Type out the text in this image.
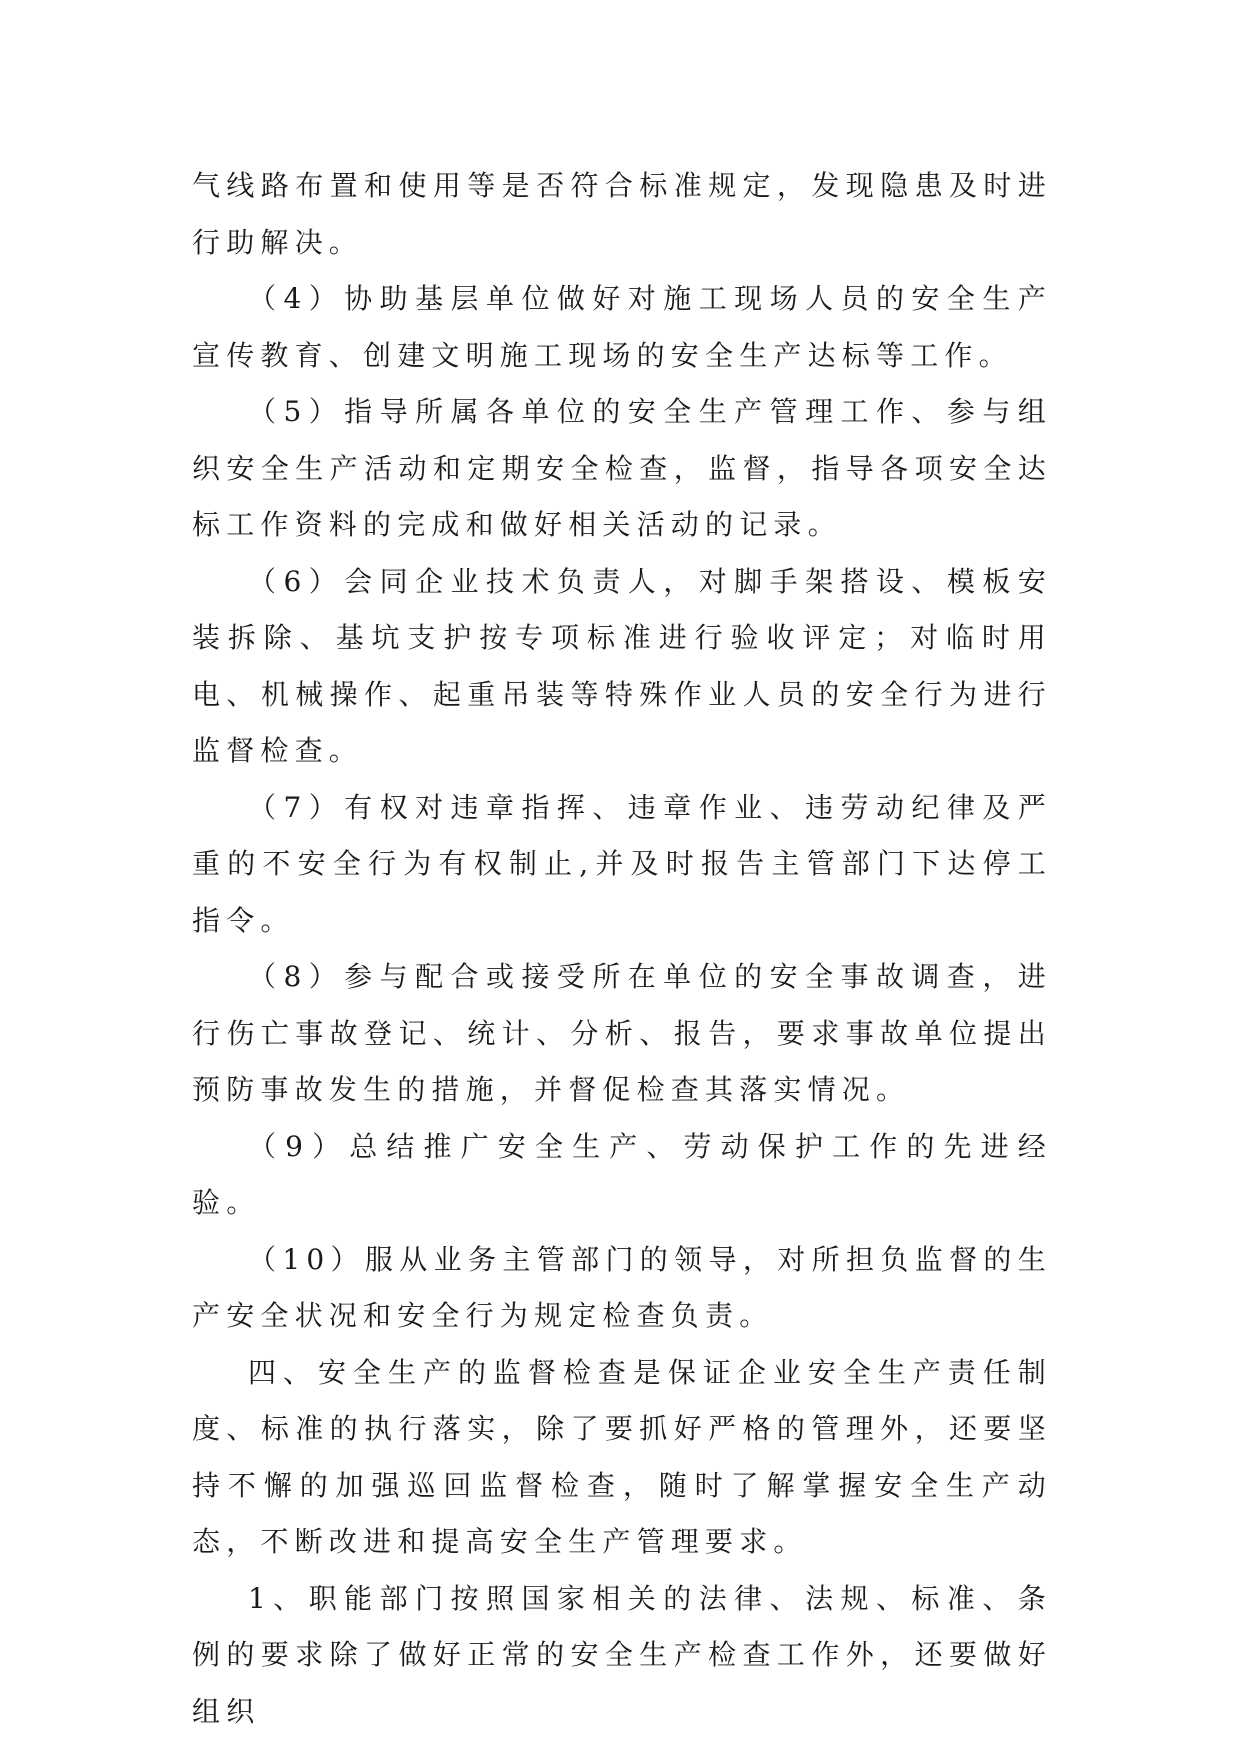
气线路布置和使用等是否符合标准规定，发现隐患及时进行助解决。

（4）协助基层单位做好对施工现场人员的安全生产宣传教育、创建文明施工现场的安全生产达标等工作。

（5）指导所属各单位的安全生产管理工作、参与组织安全生产活动和定期安全检查，监督，指导各项安全达标工作资料的完成和做好相关活动的记录。

（6）会同企业技术负责人，对脚手架搭设、模板安装拆除、基坑支护按专项标准进行验收评定；对临时用电、机械操作、起重吊装等特殊作业人员的安全行为进行监督检查。

（7）有权对违章指挥、违章作业、违劳动纪律及严重的不安全行为有权制止,并及时报告主管部门下达停工指令。

（8）参与配合或接受所在单位的安全事故调查，进行伤亡事故登记、统计、分析、报告，要求事故单位提出预防事故发生的措施，并督促检查其落实情况。

（9）总结推广安全生产、劳动保护工作的先进经验。

（10）服从业务主管部门的领导，对所担负监督的生产安全状况和安全行为规定检查负责。

四、安全生产的监督检查是保证企业安全生产责任制度、标准的执行落实，除了要抓好严格的管理外，还要坚持不懈的加强巡回监督检查，随时了解掌握安全生产动态，不断改进和提高安全生产管理要求。

1、职能部门按照国家相关的法律、法规、标准、条例的要求除了做好正常的安全生产检查工作外，还要做好组织
